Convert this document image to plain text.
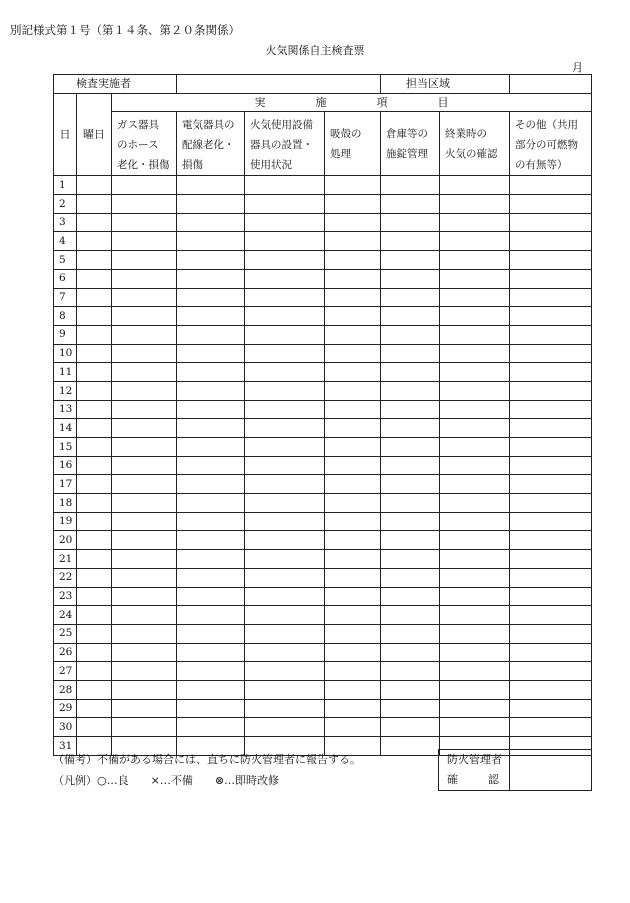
別記様式第１号（第１４条、第２０条関係）
火気関係自主検査票
月
検査実施者						担当区域		
日	曜日	実 施 項 目						
		ガス器具
のホース
老化・損傷	電気器具の
配線老化・
損傷	火気使用設備
器具の設置・
使用状況	吸殻の
処理	倉庫等の
施錠管理	終業時の
火気の確認	その他（共用
部分の可燃物
の有無等）
1								
2								
3								
4								
5								
6								
7								
8								
9								
10								
11								
12								
13								
14								
15								
16								
17								
18								
19								
20								
21								
22								
23								
24								
25								
26								
27								
28								
29								
30								
31								
（備考）不備がある場合には、直ちに防火管理者に報告する。
（凡例）○…良　　×…不備　　⊗…即時改修
防火管理者
確	認
